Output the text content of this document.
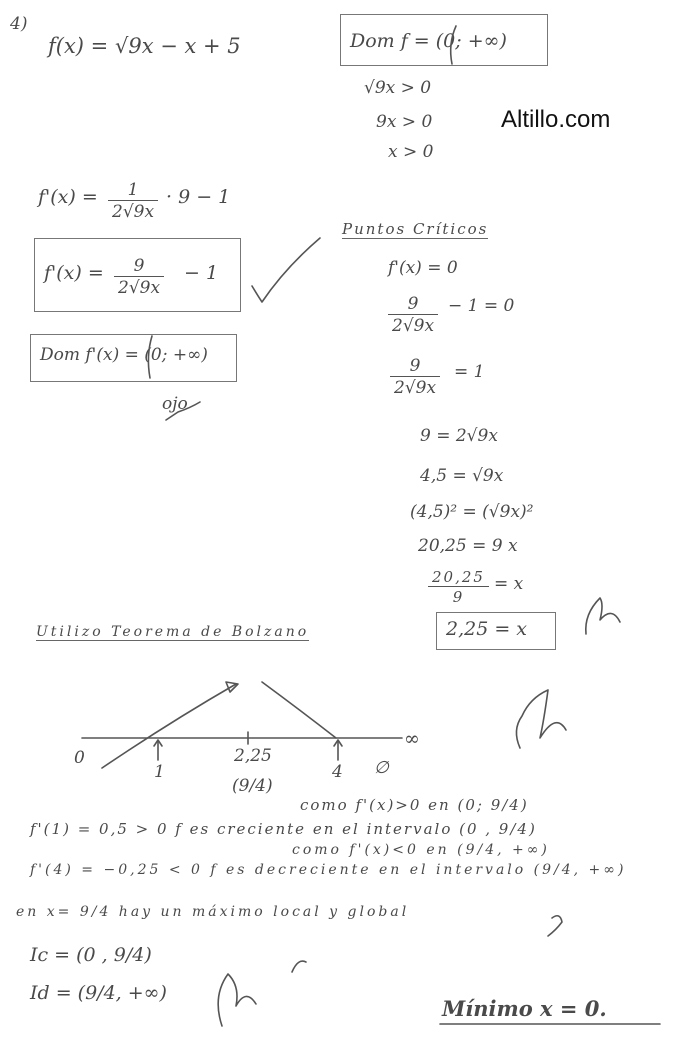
Altillo.com
4)
f(x) = √9x − x + 5
$f'(x) = \frac{1}{2√9x} \cdot 9 - 1$
$f'(x) = \frac{9}{2√9x} - 1$
Dom f'(x) = (0; +∞)
ojo
Utilizo Teorema de Bolzano
Dom f = (0; +∞)
√9x > 0
9x > 0
x > 0
Puntos Críticos
f'(x) = 0
$\frac{9}{2√9x} - 1 = 0$
$\frac{9}{2√9x} = 1$
9 = 2√9x
4,5 = √9x
(4,5)² = (√9x)²
20,25 = 9 x
$\frac{20,25}{9} = x$
2,25 = x
0
∞
1
2,25
(9/4)
4 ∅
como f'(x)>0 en (0; 9/4)
f'(1) = 0,5 > 0 f es creciente en el intervalo (0 , 9/4)
como f'(x)<0 en (9/4, +∞)
f'(4) = −0,25 < 0 f es decreciente en el intervalo (9/4, +∞)
en x= 9/4 hay un máximo local y global
Ic = (0 , 9/4)
Id = (9/4, +∞)
Mínimo x = 0.
